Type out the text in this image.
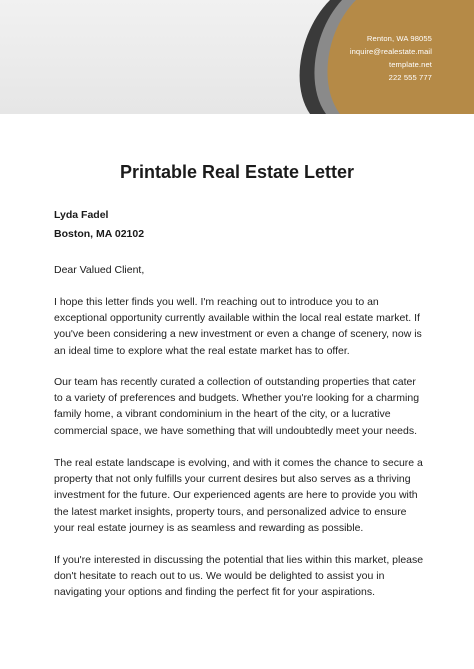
Renton, WA 98055
inquire@realestate.mail
template.net
222 555 777
Printable Real Estate Letter
Lyda Fadel
Boston, MA 02102
Dear Valued Client,

I hope this letter finds you well. I'm reaching out to introduce you to an exceptional opportunity currently available within the local real estate market. If you've been considering a new investment or even a change of scenery, now is an ideal time to explore what the real estate market has to offer.

Our team has recently curated a collection of outstanding properties that cater to a variety of preferences and budgets. Whether you're looking for a charming family home, a vibrant condominium in the heart of the city, or a lucrative commercial space, we have something that will undoubtedly meet your needs.

The real estate landscape is evolving, and with it comes the chance to secure a property that not only fulfills your current desires but also serves as a thriving investment for the future. Our experienced agents are here to provide you with the latest market insights, property tours, and personalized advice to ensure your real estate journey is as seamless and rewarding as possible.

If you're interested in discussing the potential that lies within this market, please don't hesitate to reach out to us. We would be delighted to assist you in navigating your options and finding the perfect fit for your aspirations.
